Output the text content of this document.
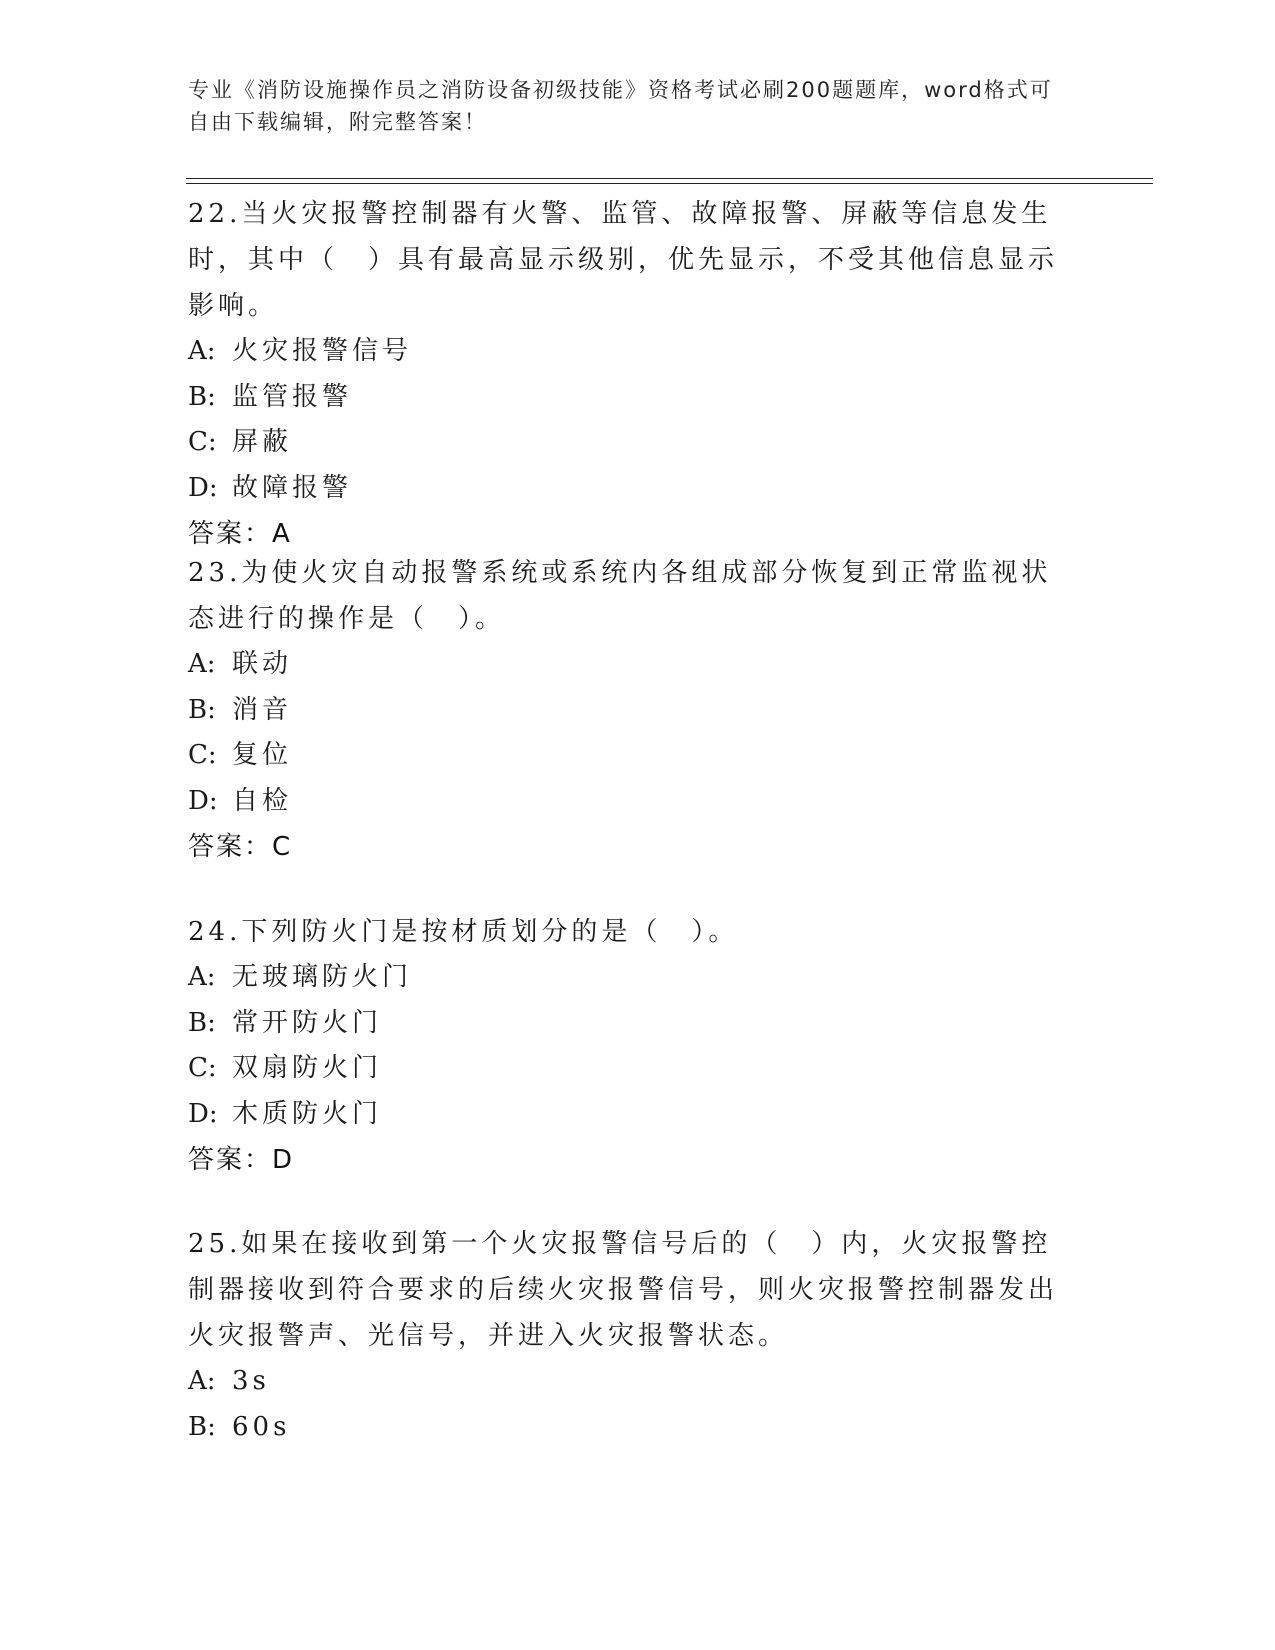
专业《消防设施操作员之消防设备初级技能》资格考试必刷200题题库，word格式可自由下载编辑，附完整答案！

22.当火灾报警控制器有火警、监管、故障报警、屏蔽等信息发生时，其中（　）具有最高显示级别，优先显示，不受其他信息显示影响。

A: 火灾报警信号

B: 监管报警

C: 屏蔽

D: 故障报警

答案：A

23.为使火灾自动报警系统或系统内各组成部分恢复到正常监视状态进行的操作是（　）。

A: 联动

B: 消音

C: 复位

D: 自检

答案：C

24.下列防火门是按材质划分的是（　）。

A: 无玻璃防火门

B: 常开防火门

C: 双扇防火门

D: 木质防火门

答案：D

25.如果在接收到第一个火灾报警信号后的（　）内，火灾报警控制器接收到符合要求的后续火灾报警信号，则火灾报警控制器发出火灾报警声、光信号，并进入火灾报警状态。

A: 3s

B: 60s
